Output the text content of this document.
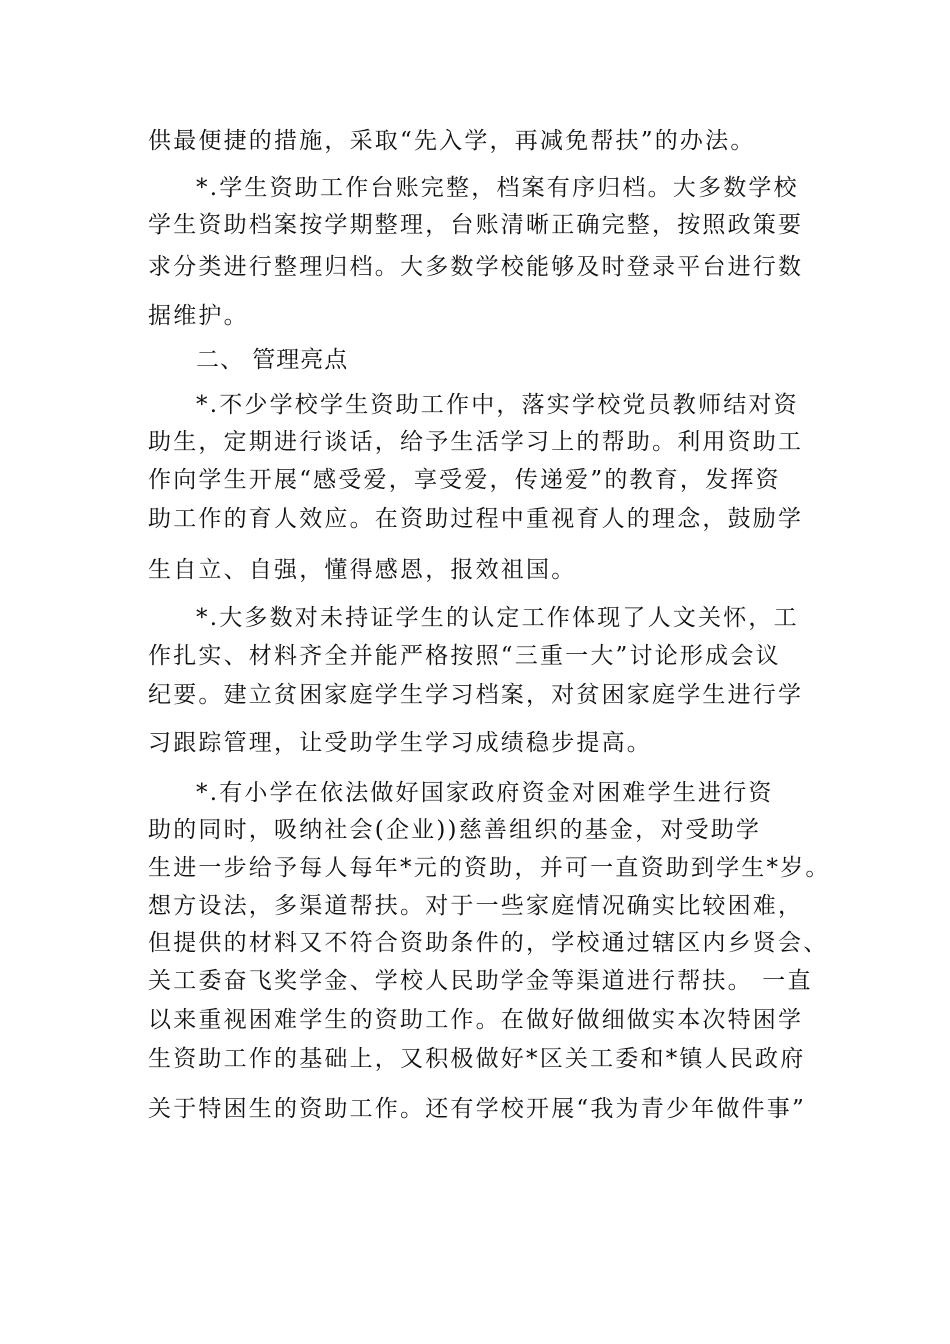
供最便捷的措施，采取“先入学，再减免帮扶”的办法。
*.学生资助工作台账完整，档案有序归档。大多数学校
学生资助档案按学期整理，台账清晰正确完整，按照政策要
求分类进行整理归档。大多数学校能够及时登录平台进行数
据维护。
二、 管理亮点
*.不少学校学生资助工作中，落实学校党员教师结对资
助生，定期进行谈话，给予生活学习上的帮助。利用资助工
作向学生开展“感受爱，享受爱，传递爱”的教育，发挥资
助工作的育人效应。在资助过程中重视育人的理念，鼓励学
生自立、自强，懂得感恩，报效祖国。
*.大多数对未持证学生的认定工作体现了人文关怀，工
作扎实、材料齐全并能严格按照“三重一大”讨论形成会议
纪要。建立贫困家庭学生学习档案，对贫困家庭学生进行学
习跟踪管理，让受助学生学习成绩稳步提高。
*.有小学在依法做好国家政府资金对困难学生进行资
助的同时，吸纳社会(企业))慈善组织的基金，对受助学
生进一步给予每人每年*元的资助，并可一直资助到学生*岁。
想方设法，多渠道帮扶。对于一些家庭情况确实比较困难，
但提供的材料又不符合资助条件的，学校通过辖区内乡贤会、
关工委奋飞奖学金、学校人民助学金等渠道进行帮扶。 一直
以来重视困难学生的资助工作。在做好做细做实本次特困学
生资助工作的基础上，又积极做好*区关工委和*镇人民政府
关于特困生的资助工作。还有学校开展“我为青少年做件事”
